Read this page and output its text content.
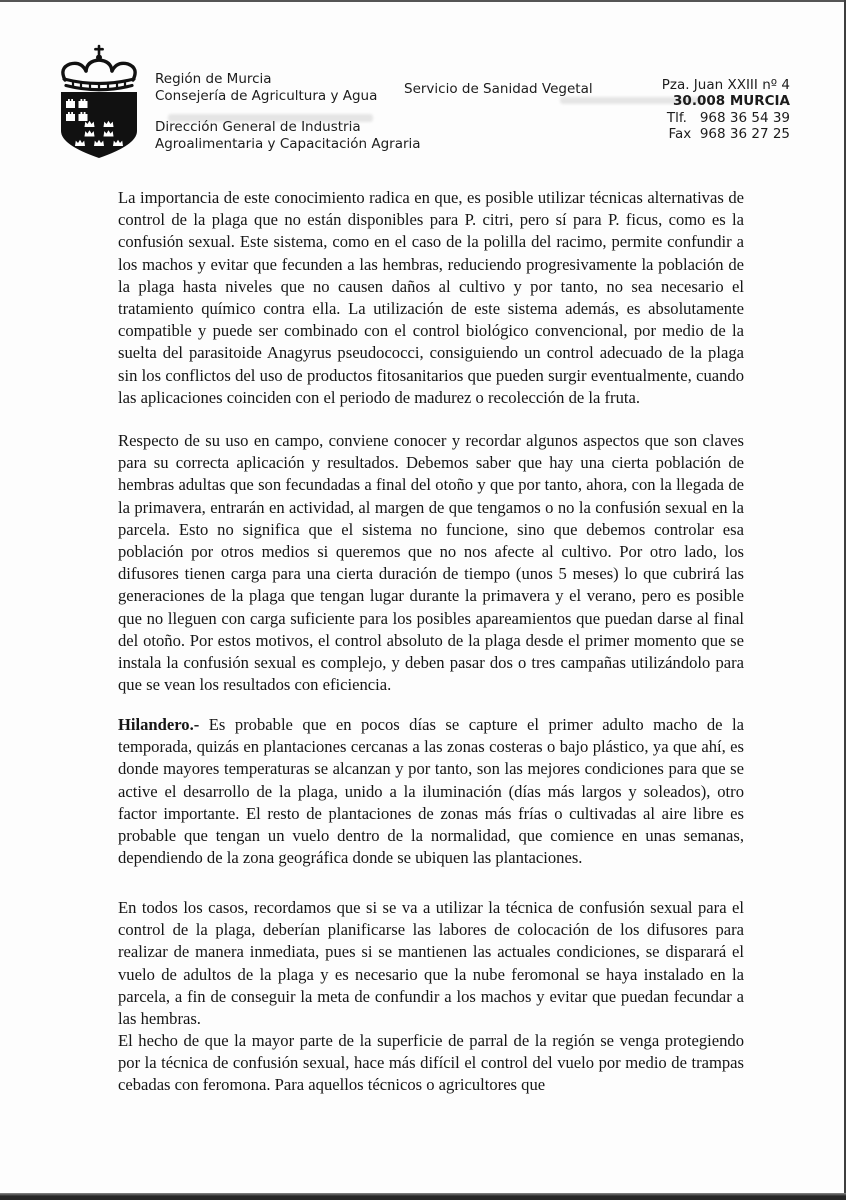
Región de Murcia
Consejería de Agricultura y Agua
Dirección General de Industria
Agroalimentaria y Capacitación Agraria
Servicio de Sanidad Vegetal	Pza. Juan XXIII nº 4
30.008 MURCIA
Tlf.   968 36 54 39
Fax  968 36 27 25

La importancia de este conocimiento radica en que, es posible utilizar técnicas alternativas de control de la plaga que no están disponibles para P. citri, pero sí para P. ficus, como es la confusión sexual. Este sistema, como en el caso de la polilla del racimo, permite confundir a los machos y evitar que fecunden a las hembras, reduciendo progresivamente la población de la plaga hasta niveles que no causen daños al cultivo y por tanto, no sea necesario el tratamiento químico contra ella. La utilización de este sistema además, es absolutamente compatible y puede ser combinado con el control biológico convencional, por medio de la suelta del parasitoide Anagyrus pseudococci, consiguiendo un control adecuado de la plaga sin los conflictos del uso de productos fitosanitarios que pueden surgir eventualmente, cuando las aplicaciones coinciden con el periodo de madurez o recolección de la fruta.

Respecto de su uso en campo, conviene conocer y recordar algunos aspectos que son claves para su correcta aplicación y resultados. Debemos saber que hay una cierta población de hembras adultas que son fecundadas a final del otoño y que por tanto, ahora, con la llegada de la primavera, entrarán en actividad, al margen de que tengamos o no la confusión sexual en la parcela. Esto no significa que el sistema no funcione, sino que debemos controlar esa población por otros medios si queremos que no nos afecte al cultivo. Por otro lado, los difusores tienen carga para una cierta duración de tiempo (unos 5 meses) lo que cubrirá las generaciones de la plaga que tengan lugar durante la primavera y el verano, pero es posible que no lleguen con carga suficiente para los posibles apareamientos que puedan darse al final del otoño. Por estos motivos, el control absoluto de la plaga desde el primer momento que se instala la confusión sexual es complejo, y deben pasar dos o tres campañas utilizándolo para que se vean los resultados con eficiencia.

Hilandero.- Es probable que en pocos días se capture el primer adulto macho de la temporada, quizás en plantaciones cercanas a las zonas costeras o bajo plástico, ya que ahí, es donde mayores temperaturas se alcanzan y por tanto, son las mejores condiciones para que se active el desarrollo de la plaga, unido a la iluminación (días más largos y soleados), otro factor importante. El resto de plantaciones de zonas más frías o cultivadas al aire libre es probable que tengan un vuelo dentro de la normalidad, que comience en unas semanas, dependiendo de la zona geográfica donde se ubiquen las plantaciones.

En todos los casos, recordamos que si se va a utilizar la técnica de confusión sexual para el control de la plaga, deberían planificarse las labores de colocación de los difusores para realizar de manera inmediata, pues si se mantienen las actuales condiciones, se disparará el vuelo de adultos de la plaga y es necesario que la nube feromonal se haya instalado en la parcela, a fin de conseguir la meta de confundir a los machos y evitar que puedan fecundar a las hembras.

El hecho de que la mayor parte de la superficie de parral de la región se venga protegiendo por la técnica de confusión sexual, hace más difícil el control del vuelo por medio de trampas cebadas con feromona. Para aquellos técnicos o agricultores que
